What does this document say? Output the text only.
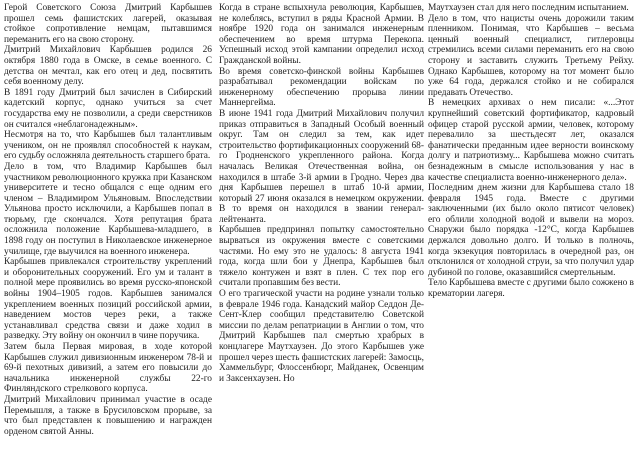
Герой Советского Союза Дмитрий Карбышев прошел семь фашистских лагерей, оказывая стойкое сопротивление немцам, пытавшимся переманить его на свою сторону.

Дмитрий Михайлович Карбышев родился 26 октября 1880 года в Омске, в семье военного. С детства он мечтал, как его отец и дед, посвятить себя военному делу.

В 1891 году Дмитрий был зачислен в Сибирский кадетский корпус, однако учиться за счет государства ему не позволили, а среди сверстников он считался «неблагонадежным».

Несмотря на то, что Карбышев был талантливым учеником, он не проявлял способностей к наукам, его судьбу осложняла деятельность старшего брата.

Дело в том, что Владимир Карбышев был участником революционного кружка при Казанском университете и тесно общался с еще одним его членом – Владимиром Ульяновым. Впоследствии Ульянова просто исключили, а Карбышев попал в тюрьму, где скончался. Хотя репутация брата осложнила положение Карбышева-младшего, в 1898 году он поступил в Николаевское инженерное училище, где выучился на военного инженера.

Карбышев привлекался строительству укреплений и оборонительных сооружений. Его ум и талант в полной мере проявились во время русско-японской войны 1904–1905 годов. Карбышев занимался укреплением военных позиций российской армии, наведением мостов через реки, а также устанавливал средства связи и даже ходил в разведку. Эту войну он окончил в чине поручика.

Затем была Первая мировая, в ходе которой Карбышев служил дивизионным инженером 78-й и 69-й пехотных дивизий, а затем его повысили до начальника инженерной службы 22-го Финляндского стрелкового корпуса.

Дмитрий Михайлович принимал участие в осаде Перемышля, а также в Брусиловском прорыве, за что был представлен к повышению и награжден орденом святой Анны.

Когда в стране вспыхнула революция, Карбышев, не колеблясь, вступил в ряды Красной Армии. В ноябре 1920 года он занимался инженерным обеспечением во время штурма Перекопа. Успешный исход этой кампании определил исход Гражданской войны.

Во время советско-финской войны Карбышев разрабатывал рекомендации войскам по инженерному обеспечению прорыва линии Маннергейма.

В июне 1941 года Дмитрий Михайлович получил приказ отправиться в Западный Особый военный округ. Там он следил за тем, как идет строительство фортификационных сооружений 68-го Гродненского укрепленного района. Когда началась Великая Отечественная война, он находился в штабе 3-й армии в Гродно. Через два дня Карбышев перешел в штаб 10-й армии, который 27 июня оказался в немецком окружении. В то время он находился в звании генерал-лейтенанта.

Карбышев предпринял попытку самостоятельно вырваться из окружения вместе с советскими частями. Но ему это не удалось: 8 августа 1941 года, когда шли бои у Днепра, Карбышев был тяжело контужен и взят в плен. С тех пор его считали пропавшим без вести.

О его трагической участи на родине узнали только в феврале 1946 года. Канадский майор Седдон Де-Сент-Клер сообщил представителю Советской миссии по делам репатриации в Англии о том, что Дмитрий Карбышев пал смертью храбрых в концлагере Маутхаузен. До этого Карбышев уже прошел через шесть фашистских лагерей: Замосць, Хаммельбург, Флоссенбюрг, Майданек, Освенцим и Заксенхаузен. Но

Маутхаузен стал для него последним испытанием.

Дело в том, что нацисты очень дорожили таким пленником. Понимая, что Карбышев – весьма ценный военный специалист, гитлеровцы стремились всеми силами переманить его на свою сторону и заставить служить Третьему Рейху. Однако Карбышев, которому на тот момент было уже 64 года, держался стойко и не собирался предавать Отечество.

В немецких архивах о нем писали: «...Этот крупнейший советский фортификатор, кадровый офицер старой русской армии, человек, которому перевалило за шестьдесят лет, оказался фанатически преданным идее верности воинскому долгу и патриотизму... Карбышева можно считать безнадежным в смысле использования у нас в качестве специалиста военно-инженерного дела».

Последним днем жизни для Карбышева стало 18 февраля 1945 года. Вместе с другими заключенными (их было около пятисот человек) его облили холодной водой и вывели на мороз. Снаружи было порядка -12°С, когда Карбышев держался довольно долго. И только в полночь, когда экзекуция повторилась в очередной раз, он отклонился от холодной струи, за что получил удар дубиной по голове, оказавшийся смертельным.

Тело Карбышева вместе с другими было сожжено в крематории лагеря.
